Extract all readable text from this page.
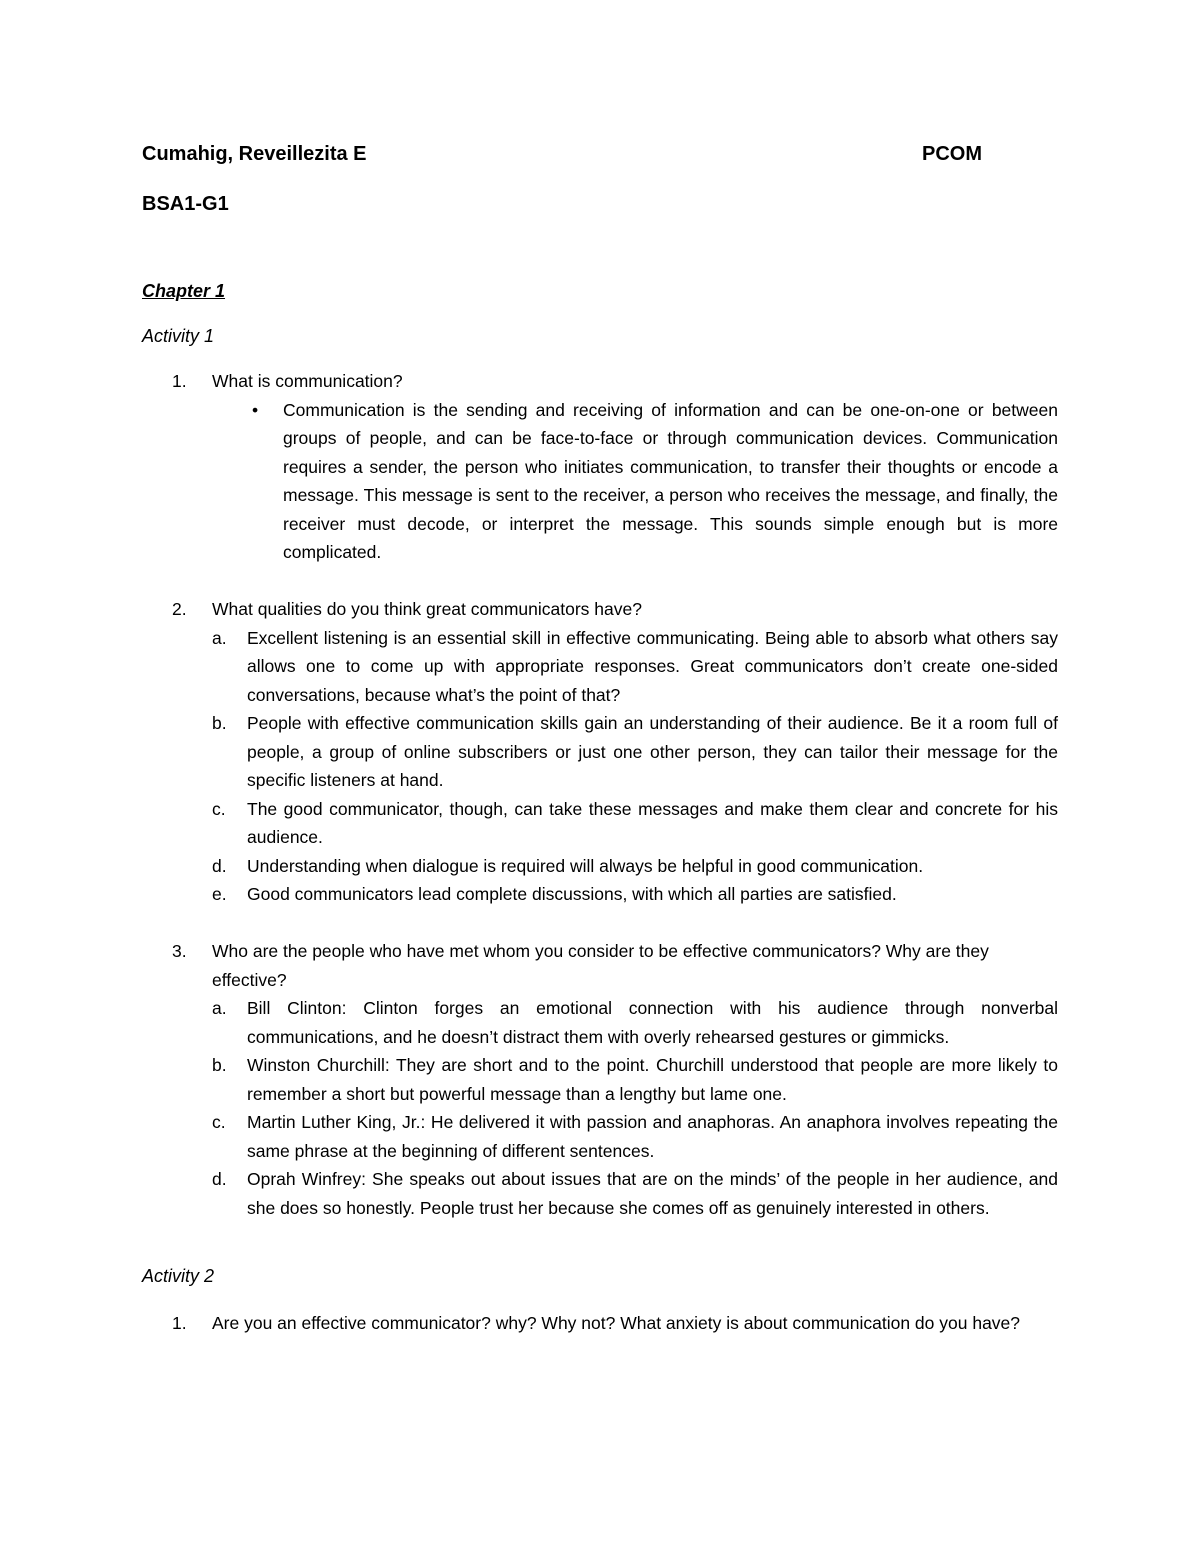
Cumahig, Reveillezita E	PCOM
BSA1-G1
Chapter 1
Activity 1
1. What is communication?
• Communication is the sending and receiving of information and can be one-on-one or between groups of people, and can be face-to-face or through communication devices. Communication requires a sender, the person who initiates communication, to transfer their thoughts or encode a message. This message is sent to the receiver, a person who receives the message, and finally, the receiver must decode, or interpret the message. This sounds simple enough but is more complicated.
2. What qualities do you think great communicators have?
a. Excellent listening is an essential skill in effective communicating. Being able to absorb what others say allows one to come up with appropriate responses. Great communicators don’t create one-sided conversations, because what’s the point of that?
b. People with effective communication skills gain an understanding of their audience. Be it a room full of people, a group of online subscribers or just one other person, they can tailor their message for the specific listeners at hand.
c. The good communicator, though, can take these messages and make them clear and concrete for his audience.
d. Understanding when dialogue is required will always be helpful in good communication.
e. Good communicators lead complete discussions, with which all parties are satisfied.
3. Who are the people who have met whom you consider to be effective communicators? Why are they effective?
a. Bill Clinton: Clinton forges an emotional connection with his audience through nonverbal communications, and he doesn’t distract them with overly rehearsed gestures or gimmicks.
b. Winston Churchill: They are short and to the point. Churchill understood that people are more likely to remember a short but powerful message than a lengthy but lame one.
c. Martin Luther King, Jr.: He delivered it with passion and anaphoras. An anaphora involves repeating the same phrase at the beginning of different sentences.
d. Oprah Winfrey: She speaks out about issues that are on the minds’ of the people in her audience, and she does so honestly. People trust her because she comes off as genuinely interested in others.
Activity 2
1. Are you an effective communicator? why? Why not? What anxiety is about communication do you have?
